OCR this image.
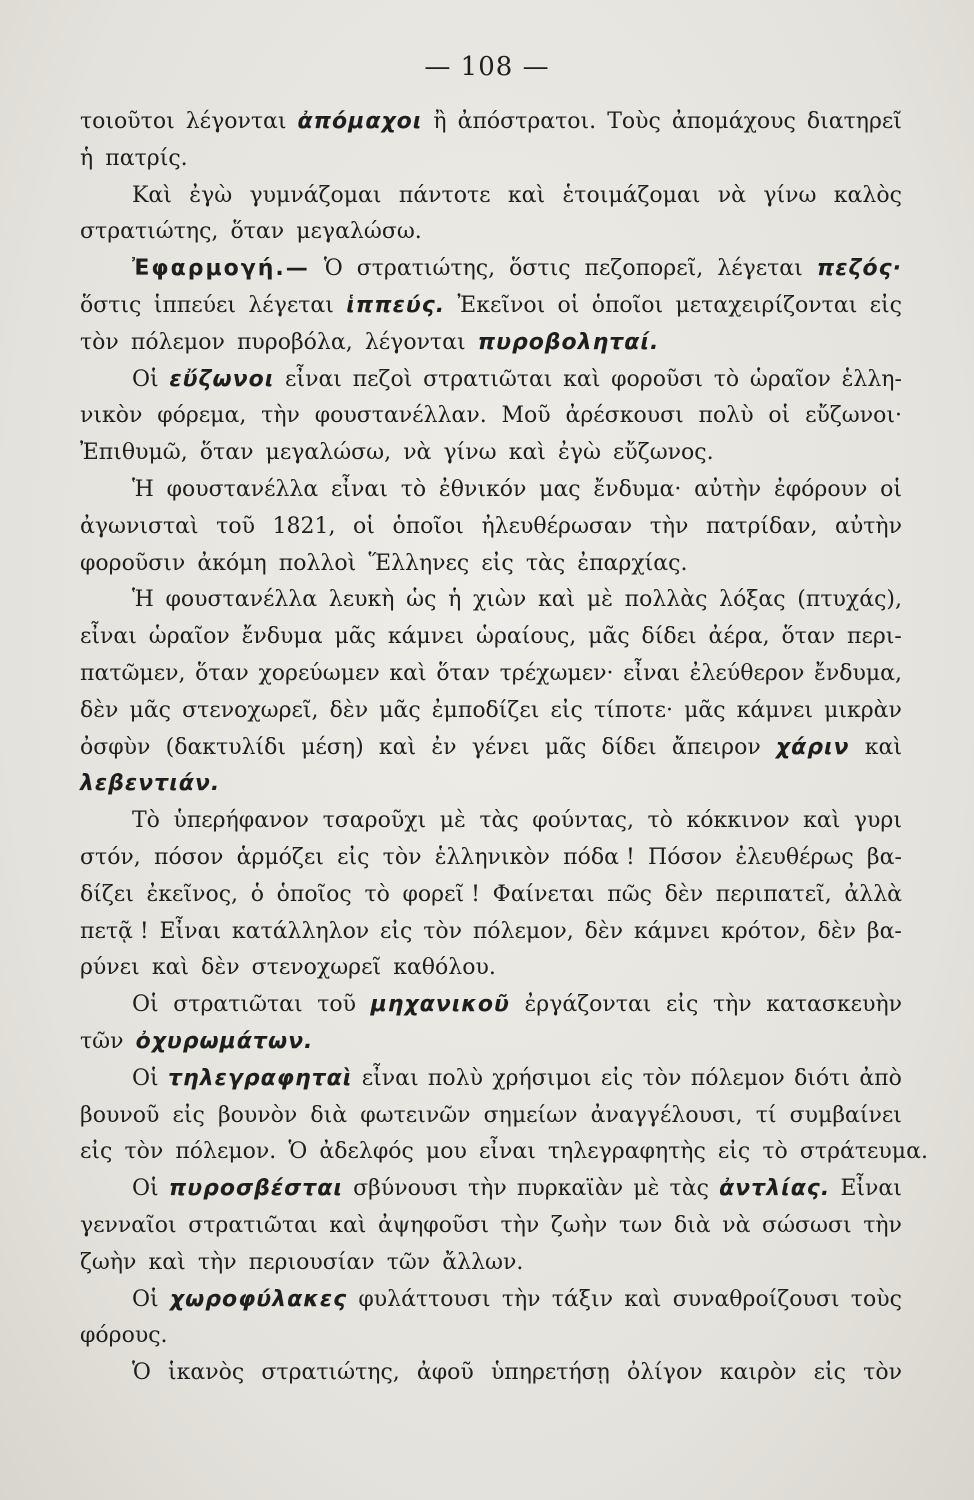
— 108 —
τοιοῦτοι λέγονται ἀπόμαχοι ἢ ἀπόστρατοι. Τοὺς ἀπομάχους διατηρεῖ
ἡ πατρίς.
Καὶ ἐγὼ γυμνάζομαι πάντοτε καὶ ἑτοιμάζομαι νὰ γίνω καλὸς
στρατιώτης, ὅταν μεγαλώσω.
Ἐφαρμογή.— Ὁ στρατιώτης, ὅστις πεζοπορεῖ, λέγεται πεζός·
ὅστις ἱππεύει λέγεται ἱππεύς. Ἐκεῖνοι οἱ ὁποῖοι μεταχειρίζονται εἰς
τὸν πόλεμον πυροβόλα, λέγονται πυροβοληταί.
Οἱ εὔζωνοι εἶναι πεζοὶ στρατιῶται καὶ φοροῦσι τὸ ὡραῖον ἑλλη-
νικὸν φόρεμα, τὴν φουστανέλλαν. Μοῦ ἀρέσκουσι πολὺ οἱ εὔζωνοι·
Ἐπιθυμῶ, ὅταν μεγαλώσω, νὰ γίνω καὶ ἐγὼ εὔζωνος.
Ἡ φουστανέλλα εἶναι τὸ ἐθνικόν μας ἔνδυμα· αὐτὴν ἐφόρουν οἱ
ἀγωνισταὶ τοῦ 1821, οἱ ὁποῖοι ἠλευθέρωσαν τὴν πατρίδαν, αὐτὴν
φοροῦσιν ἀκόμη πολλοὶ Ἕλληνες εἰς τὰς ἐπαρχίας.
Ἡ φουστανέλλα λευκὴ ὡς ἡ χιὼν καὶ μὲ πολλὰς λόξας (πτυχάς),
εἶναι ὡραῖον ἔνδυμα μᾶς κάμνει ὡραίους, μᾶς δίδει ἀέρα, ὅταν περι-
πατῶμεν, ὅταν χορεύωμεν καὶ ὅταν τρέχωμεν· εἶναι ἐλεύθερον ἔνδυμα,
δὲν μᾶς στενοχωρεῖ, δὲν μᾶς ἐμποδίζει εἰς τίποτε· μᾶς κάμνει μικρὰν
ὀσφὺν (δακτυλίδι μέση) καὶ ἐν γένει μᾶς δίδει ἄπειρον χάριν καὶ
λεβεντιάν.
Τὸ ὑπερήφανον τσαροῦχι μὲ τὰς φούντας, τὸ κόκκινον καὶ γυρι
στόν, πόσον ἁρμόζει εἰς τὸν ἑλληνικὸν πόδα ! Πόσον ἐλευθέρως βα-
δίζει ἐκεῖνος, ὁ ὁποῖος τὸ φορεῖ ! Φαίνεται πῶς δὲν περιπατεῖ, ἀλλὰ
πετᾷ ! Εἶναι κατάλληλον εἰς τὸν πόλεμον, δὲν κάμνει κρότον, δὲν βα-
ρύνει καὶ δὲν στενοχωρεῖ καθόλου.
Οἱ στρατιῶται τοῦ μηχανικοῦ ἐργάζονται εἰς τὴν κατασκευὴν
τῶν ὀχυρωμάτων.
Οἱ τηλεγραφηταὶ εἶναι πολὺ χρήσιμοι εἰς τὸν πόλεμον διότι ἀπὸ
βουνοῦ εἰς βουνὸν διὰ φωτεινῶν σημείων ἀναγγέλουσι, τί συμβαίνει
εἰς τὸν πόλεμον. Ὁ ἀδελφός μου εἶναι τηλεγραφητὴς εἰς τὸ στράτευμα.
Οἱ πυροσβέσται σβύνουσι τὴν πυρκαϊὰν μὲ τὰς ἀντλίας. Εἶναι
γενναῖοι στρατιῶται καὶ ἀψηφοῦσι τὴν ζωὴν των διὰ νὰ σώσωσι τὴν
ζωὴν καὶ τὴν περιουσίαν τῶν ἄλλων.
Οἱ χωροφύλακες φυλάττουσι τὴν τάξιν καὶ συναθροίζουσι τοὺς
φόρους.
Ὁ ἱκανὸς στρατιώτης, ἀφοῦ ὑπηρετήσῃ ὀλίγον καιρὸν εἰς τὸν
